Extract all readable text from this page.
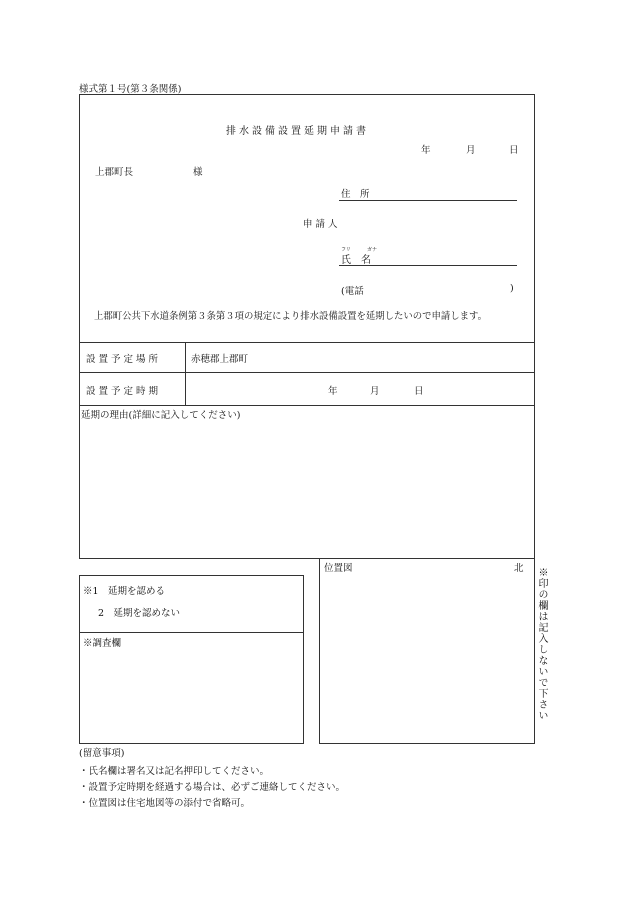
様式第１号(第３条関係)
排水設備設置延期申請書
年	月	日
上郡町長	様
住　所
申請人
フリ	ガナ
氏　名
(電話	)
上郡町公共下水道条例第３条第３項の規定により排水設備設置を延期したいので申請します。
設置予定場所	赤穂郡上郡町
設置予定時期	年	月	日
延期の理由(詳細に記入してください)
※1　延期を認める
2　延期を認めない
※調査欄
位置図	北 ※印の欄は記入しないで下さい
(留意事項)
・氏名欄は署名又は記名押印してください。
・設置予定時期を経過する場合は、必ずご連絡してください。
・位置図は住宅地図等の添付で省略可。
